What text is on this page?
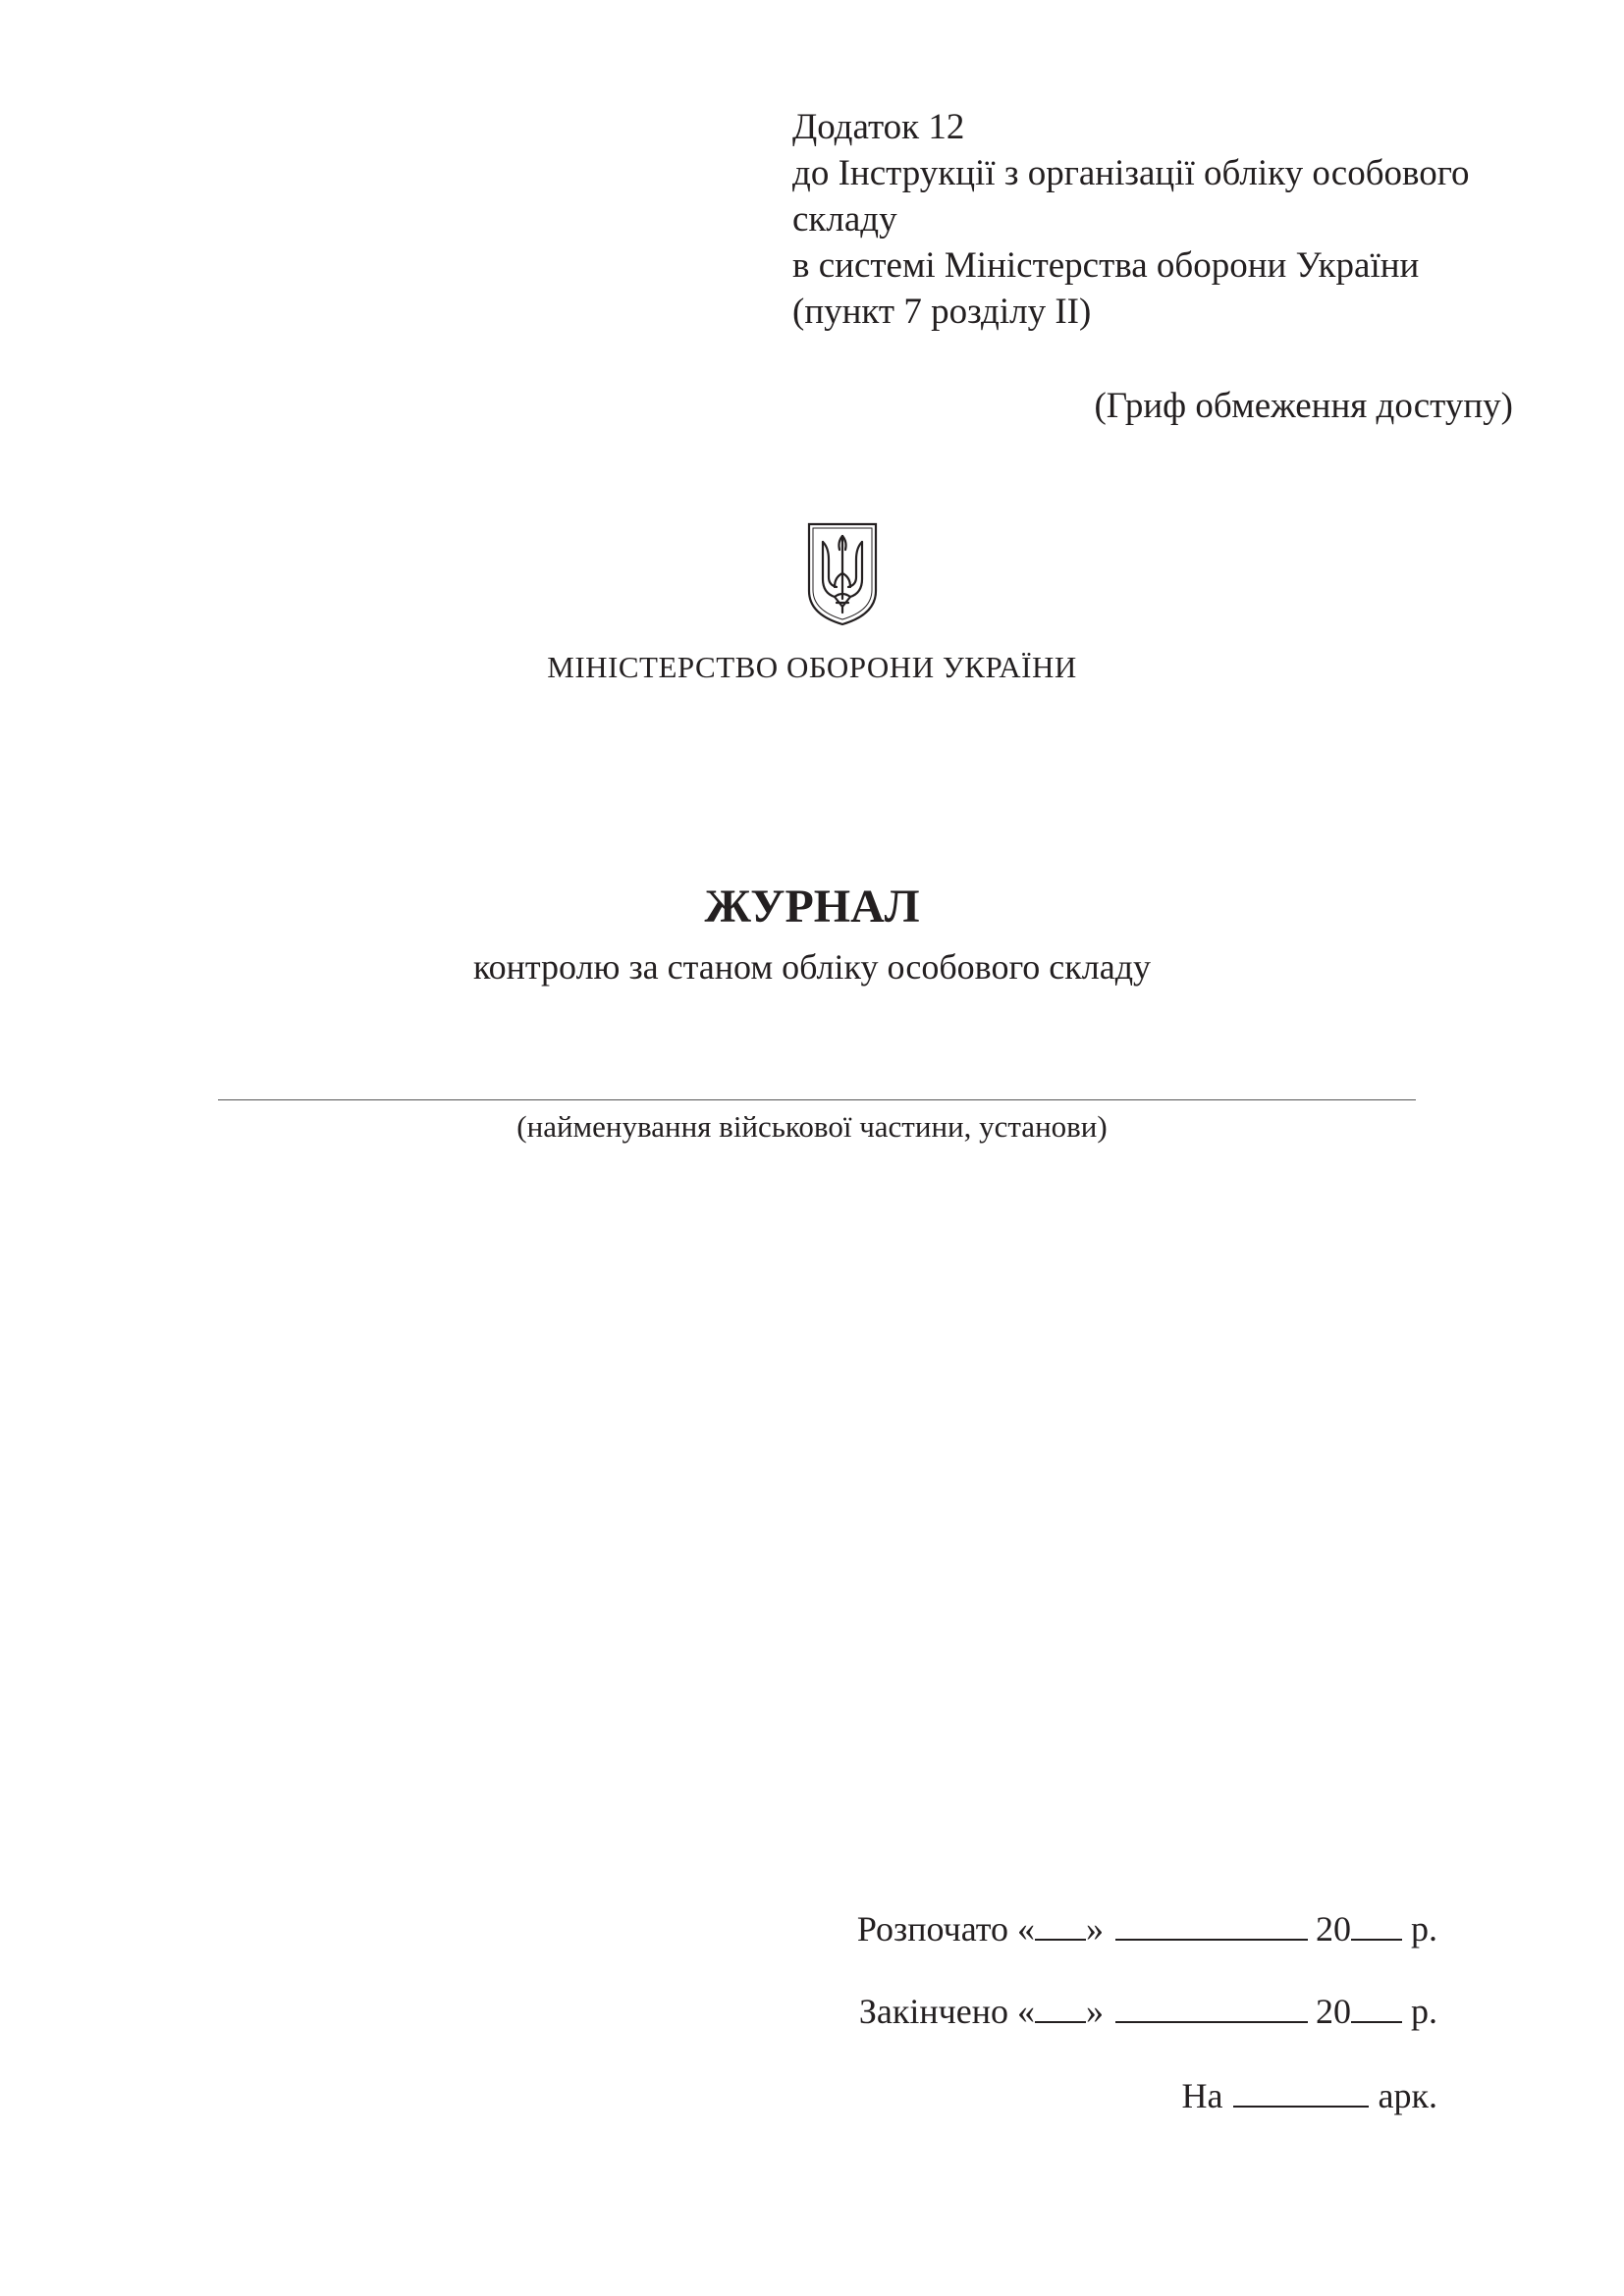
Додаток 12
до Інструкції з організації обліку особового
складу
в системі Міністерства оборони України
(пункт 7 розділу ІІ)
(Гриф обмеження доступу)
МІНІСТЕРСТВО ОБОРОНИ УКРАЇНИ
ЖУРНАЛ
контролю за станом обліку особового складу
(найменування військової частини, установи)
Розпочато « »	20 р.
Закінчено « »	20 р.
На	арк.
